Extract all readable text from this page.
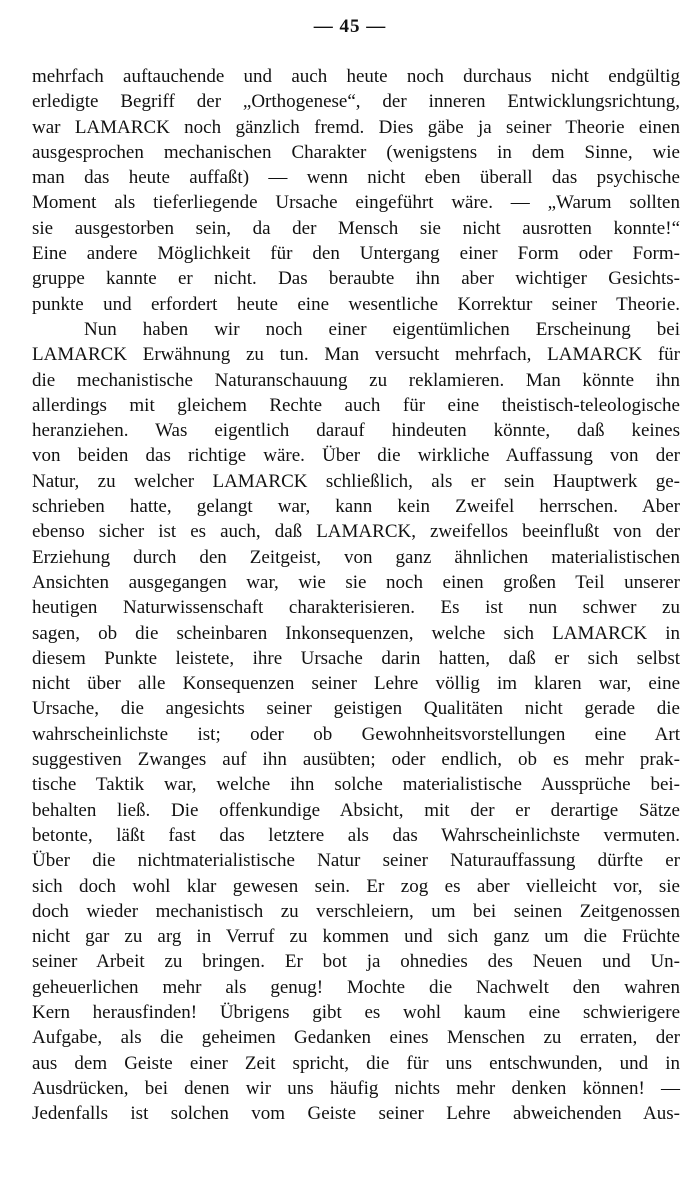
— 45 —
mehrfach auftauchende und auch heute noch durchaus nicht endgültig
erledigte Begriff der „Orthogenese“, der inneren Entwicklungsrichtung,
war LAMARCK noch gänzlich fremd. Dies gäbe ja seiner Theorie einen
ausgesprochen mechanischen Charakter (wenigstens in dem Sinne, wie
man das heute auffaßt) — wenn nicht eben überall das psychische
Moment als tieferliegende Ursache eingeführt wäre. — „Warum sollten
sie ausgestorben sein, da der Mensch sie nicht ausrotten konnte!“
Eine andere Möglichkeit für den Untergang einer Form oder Form-
gruppe kannte er nicht. Das beraubte ihn aber wichtiger Gesichts-
punkte und erfordert heute eine wesentliche Korrektur seiner Theorie.
Nun haben wir noch einer eigentümlichen Erscheinung bei
LAMARCK Erwähnung zu tun. Man versucht mehrfach, LAMARCK für
die mechanistische Naturanschauung zu reklamieren. Man könnte ihn
allerdings mit gleichem Rechte auch für eine theistisch-teleologische
heranziehen. Was eigentlich darauf hindeuten könnte, daß keines
von beiden das richtige wäre. Über die wirkliche Auffassung von der
Natur, zu welcher LAMARCK schließlich, als er sein Hauptwerk ge-
schrieben hatte, gelangt war, kann kein Zweifel herrschen. Aber
ebenso sicher ist es auch, daß LAMARCK, zweifellos beeinflußt von der
Erziehung durch den Zeitgeist, von ganz ähnlichen materialistischen
Ansichten ausgegangen war, wie sie noch einen großen Teil unserer
heutigen Naturwissenschaft charakterisieren. Es ist nun schwer zu
sagen, ob die scheinbaren Inkonsequenzen, welche sich LAMARCK in
diesem Punkte leistete, ihre Ursache darin hatten, daß er sich selbst
nicht über alle Konsequenzen seiner Lehre völlig im klaren war, eine
Ursache, die angesichts seiner geistigen Qualitäten nicht gerade die
wahrscheinlichste ist; oder ob Gewohnheitsvorstellungen eine Art
suggestiven Zwanges auf ihn ausübten; oder endlich, ob es mehr prak-
tische Taktik war, welche ihn solche materialistische Aussprüche bei-
behalten ließ. Die offenkundige Absicht, mit der er derartige Sätze
betonte, läßt fast das letztere als das Wahrscheinlichste vermuten.
Über die nichtmaterialistische Natur seiner Naturauffassung dürfte er
sich doch wohl klar gewesen sein. Er zog es aber vielleicht vor, sie
doch wieder mechanistisch zu verschleiern, um bei seinen Zeitgenossen
nicht gar zu arg in Verruf zu kommen und sich ganz um die Früchte
seiner Arbeit zu bringen. Er bot ja ohnedies des Neuen und Un-
geheuerlichen mehr als genug! Mochte die Nachwelt den wahren
Kern herausfinden! Übrigens gibt es wohl kaum eine schwierigere
Aufgabe, als die geheimen Gedanken eines Menschen zu erraten, der
aus dem Geiste einer Zeit spricht, die für uns entschwunden, und in
Ausdrücken, bei denen wir uns häufig nichts mehr denken können! —
Jedenfalls ist solchen vom Geiste seiner Lehre abweichenden Aus-
